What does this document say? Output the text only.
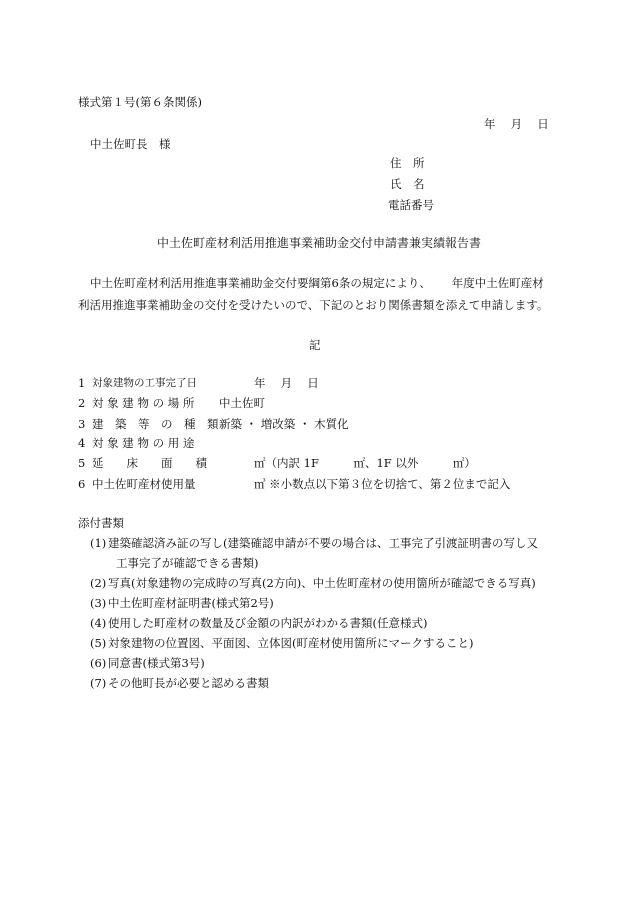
様式第１号(第６条関係)
年　 月　 日
中土佐町長　様
住　所
氏　名
電話番号
中土佐町産材利活用推進事業補助金交付申請書兼実績報告書
中土佐町産材利活用推進事業補助金交付要綱第6条の規定により、　　 年度中土佐町産材
利活用推進事業補助金の交付を受けたいので、下記のとおり関係書類を添えて申請します。
記
1 対象建物の工事完了日	年　 月　 日
2 対 象 建 物 の 場 所 中土佐町
3 建　築　等　の　種　類 新築 ・ 増改築 ・ 木質化
4 対 象 建 物 の 用 途
5 延　　床　　面　　積	㎡（内訳 1F　　　㎡、1F 以外　　　㎡）
6 中土佐町産材使用量	㎥ ※小数点以下第３位を切捨て、第２位まで記入
添付書類
(1) 建築確認済み証の写し(建築確認申請が不要の場合は、工事完了引渡証明書の写し又
工事完了が確認できる書類)
(2) 写真(対象建物の完成時の写真(2方向)、中土佐町産材の使用箇所が確認できる写真)
(3) 中土佐町産材証明書(様式第2号)
(4) 使用した町産材の数量及び金額の内訳がわかる書類(任意様式)
(5) 対象建物の位置図、平面図、立体図(町産材使用箇所にマークすること)
(6) 同意書(様式第3号)
(7) その他町長が必要と認める書類
